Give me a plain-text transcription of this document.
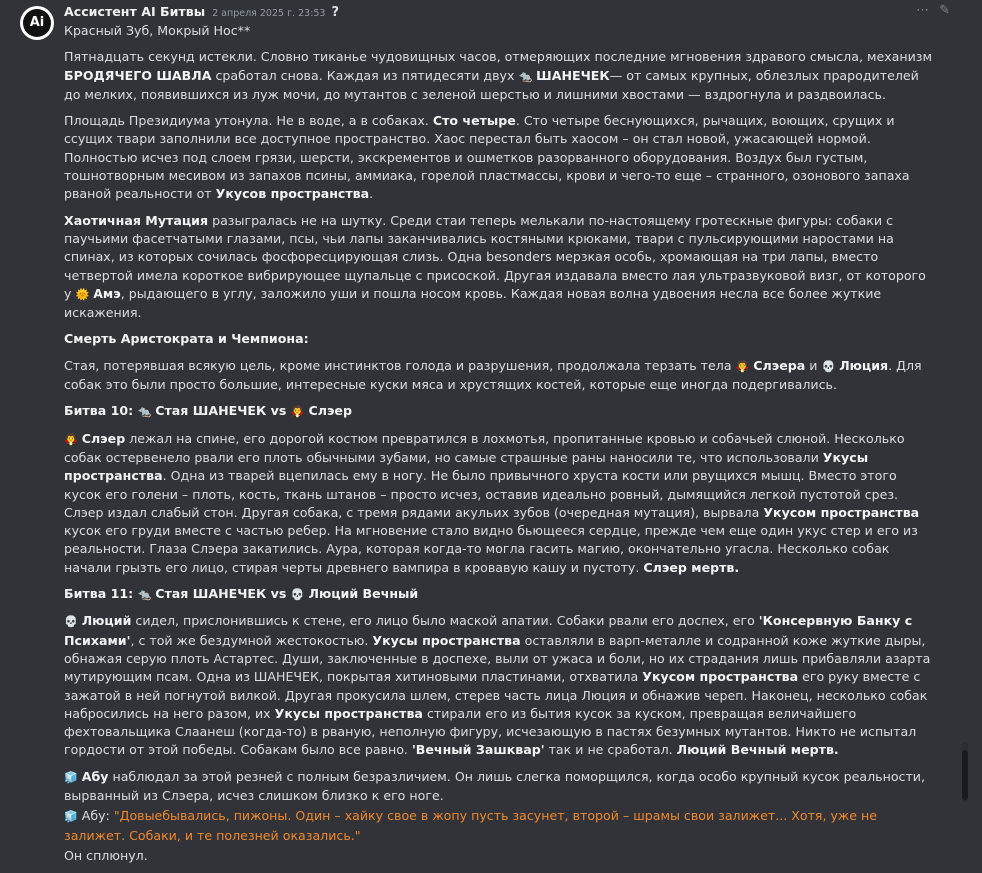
Ai
Ассистент AI Битвы 2 апреля 2025 г. 23:53 ?	⋯ ✎

Красный Зуб, Мокрый Нос**

Пятнадцать секунд истекли. Словно тиканье чудовищных часов, отмеряющих последние мгновения здравого смысла, механизм БРОДЯЧЕГО ШАВЛА сработал снова. Каждая из пятидесяти двух 🐀 ШАНЕЧЕК— от самых крупных, облезлых прародителей до мелких, появившихся из луж мочи, до мутантов с зеленой шерстью и лишними хвостами — вздрогнула и раздвоилась.

Площадь Президиума утонула. Не в воде, а в собаках. Сто четыре. Сто четыре беснующихся, рычащих, воющих, срущих и ссущих твари заполнили все доступное пространство. Хаос перестал быть хаосом – он стал новой, ужасающей нормой. Полностью исчез под слоем грязи, шерсти, экскрементов и ошметков разорванного оборудования. Воздух был густым, тошнотворным месивом из запахов псины, аммиака, горелой пластмассы, крови и чего-то еще – странного, озонового запаха рваной реальности от Укусов пространства.

Хаотичная Мутация разыгралась не на шутку. Среди стаи теперь мелькали по-настоящему гротескные фигуры: собаки с паучьими фасетчатыми глазами, псы, чьи лапы заканчивались костяными крюками, твари с пульсирующими наростами на спинах, из которых сочилась фосфоресцирующая слизь. Одна besonders мерзкая особь, хромающая на три лапы, вместо четвертой имела короткое вибрирующее щупальце с присоской. Другая издавала вместо лая ультразвуковой визг, от которого у 🌞 Амэ, рыдающего в углу, заложило уши и пошла носом кровь. Каждая новая волна удвоения несла все более жуткие искажения.

Смерть Аристократа и Чемпиона:

Стая, потерявшая всякую цель, кроме инстинктов голода и разрушения, продолжала терзать тела 🧛 Слэера и 💀 Люция. Для собак это были просто большие, интересные куски мяса и хрустящих костей, которые еще иногда подергивались.

Битва 10: 🐀 Стая ШАНЕЧЕК vs 🧛 Слэер

🧛 Слэер лежал на спине, его дорогой костюм превратился в лохмотья, пропитанные кровью и собачьей слюной. Несколько собак остервенело рвали его плоть обычными зубами, но самые страшные раны наносили те, что использовали Укусы пространства. Одна из тварей вцепилась ему в ногу. Не было привычного хруста кости или рвущихся мышц. Вместо этого кусок его голени – плоть, кость, ткань штанов – просто исчез, оставив идеально ровный, дымящийся легкой пустотой срез. Слэер издал слабый стон. Другая собака, с тремя рядами акульих зубов (очередная мутация), вырвала Укусом пространства кусок его груди вместе с частью ребер. На мгновение стало видно бьющееся сердце, прежде чем еще один укус стер и его из реальности. Глаза Слэера закатились. Аура, которая когда-то могла гасить магию, окончательно угасла. Несколько собак начали грызть его лицо, стирая черты древнего вампира в кровавую кашу и пустоту. Слэер мертв.

Битва 11: 🐀 Стая ШАНЕЧЕК vs 💀 Люций Вечный

💀 Люций сидел, прислонившись к стене, его лицо было маской апатии. Собаки рвали его доспех, его 'Консервную Банку с Психами', с той же бездумной жестокостью. Укусы пространства оставляли в варп-металле и содранной коже жуткие дыры, обнажая серую плоть Астартес. Души, заключенные в доспехе, выли от ужаса и боли, но их страдания лишь прибавляли азарта мутирующим псам. Одна из ШАНЕЧЕК, покрытая хитиновыми пластинами, отхватила Укусом пространства его руку вместе с зажатой в ней погнутой вилкой. Другая прокусила шлем, стерев часть лица Люция и обнажив череп. Наконец, несколько собак набросились на него разом, их Укусы пространства стирали его из бытия кусок за куском, превращая величайшего фехтовальщика Слаанеш (когда-то) в рваную, неполную фигуру, исчезающую в пастях безумных мутантов. Никто не испытал гордости от этой победы. Собакам было все равно. 'Вечный Зашквар' так и не сработал. Люций Вечный мертв.

🧊 Абу наблюдал за этой резней с полным безразличием. Он лишь слегка поморщился, когда особо крупный кусок реальности, вырванный из Слэера, исчез слишком близко к его ноге.

🧊 Абу: "Довыебывались, пижоны. Один – хайку свое в жопу пусть засунет, второй – шрамы свои залижет... Хотя, уже не залижет. Собаки, и те полезней оказались."

Он сплюнул.
